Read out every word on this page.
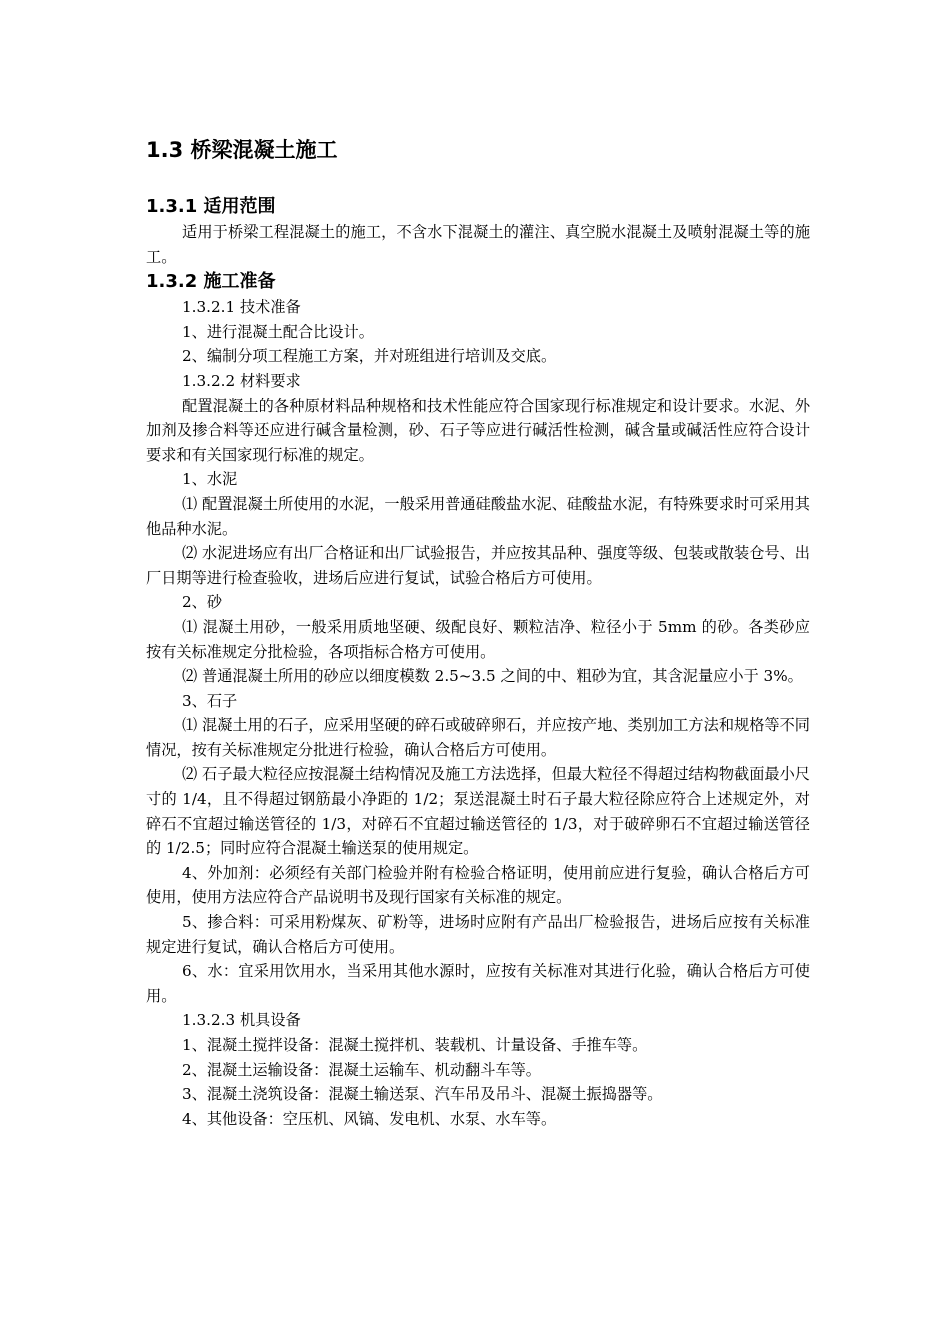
1.3 桥梁混凝土施工
1.3.1 适用范围

适用于桥梁工程混凝土的施工，不含水下混凝土的灌注、真空脱水混凝土及喷射混凝土等的施工。

1.3.2 施工准备

1.3.2.1 技术准备

1、进行混凝土配合比设计。

2、编制分项工程施工方案，并对班组进行培训及交底。

1.3.2.2 材料要求

配置混凝土的各种原材料品种规格和技术性能应符合国家现行标准规定和设计要求。水泥、外加剂及掺合料等还应进行碱含量检测，砂、石子等应进行碱活性检测，碱含量或碱活性应符合设计要求和有关国家现行标准的规定。

1、水泥

⑴ 配置混凝土所使用的水泥，一般采用普通硅酸盐水泥、硅酸盐水泥，有特殊要求时可采用其他品种水泥。

⑵ 水泥进场应有出厂合格证和出厂试验报告，并应按其品种、强度等级、包装或散装仓号、出厂日期等进行检查验收，进场后应进行复试，试验合格后方可使用。

2、砂

⑴ 混凝土用砂，一般采用质地坚硬、级配良好、颗粒洁净、粒径小于 5mm 的砂。各类砂应按有关标准规定分批检验，各项指标合格方可使用。

⑵ 普通混凝土所用的砂应以细度模数 2.5~3.5 之间的中、粗砂为宜，其含泥量应小于 3%。

3、石子

⑴ 混凝土用的石子，应采用坚硬的碎石或破碎卵石，并应按产地、类别加工方法和规格等不同情况，按有关标准规定分批进行检验，确认合格后方可使用。

⑵ 石子最大粒径应按混凝土结构情况及施工方法选择，但最大粒径不得超过结构物截面最小尺寸的 1/4，且不得超过钢筋最小净距的 1/2；泵送混凝土时石子最大粒径除应符合上述规定外，对碎石不宜超过输送管径的 1/3，对碎石不宜超过输送管径的 1/3，对于破碎卵石不宜超过输送管径的 1/2.5；同时应符合混凝土输送泵的使用规定。

4、外加剂：必须经有关部门检验并附有检验合格证明，使用前应进行复验，确认合格后方可使用，使用方法应符合产品说明书及现行国家有关标准的规定。

5、掺合料：可采用粉煤灰、矿粉等，进场时应附有产品出厂检验报告，进场后应按有关标准规定进行复试，确认合格后方可使用。

6、水：宜采用饮用水，当采用其他水源时，应按有关标准对其进行化验，确认合格后方可使用。

1.3.2.3 机具设备

1、混凝土搅拌设备：混凝土搅拌机、装载机、计量设备、手推车等。

2、混凝土运输设备：混凝土运输车、机动翻斗车等。

3、混凝土浇筑设备：混凝土输送泵、汽车吊及吊斗、混凝土振捣器等。

4、其他设备：空压机、风镐、发电机、水泵、水车等。
